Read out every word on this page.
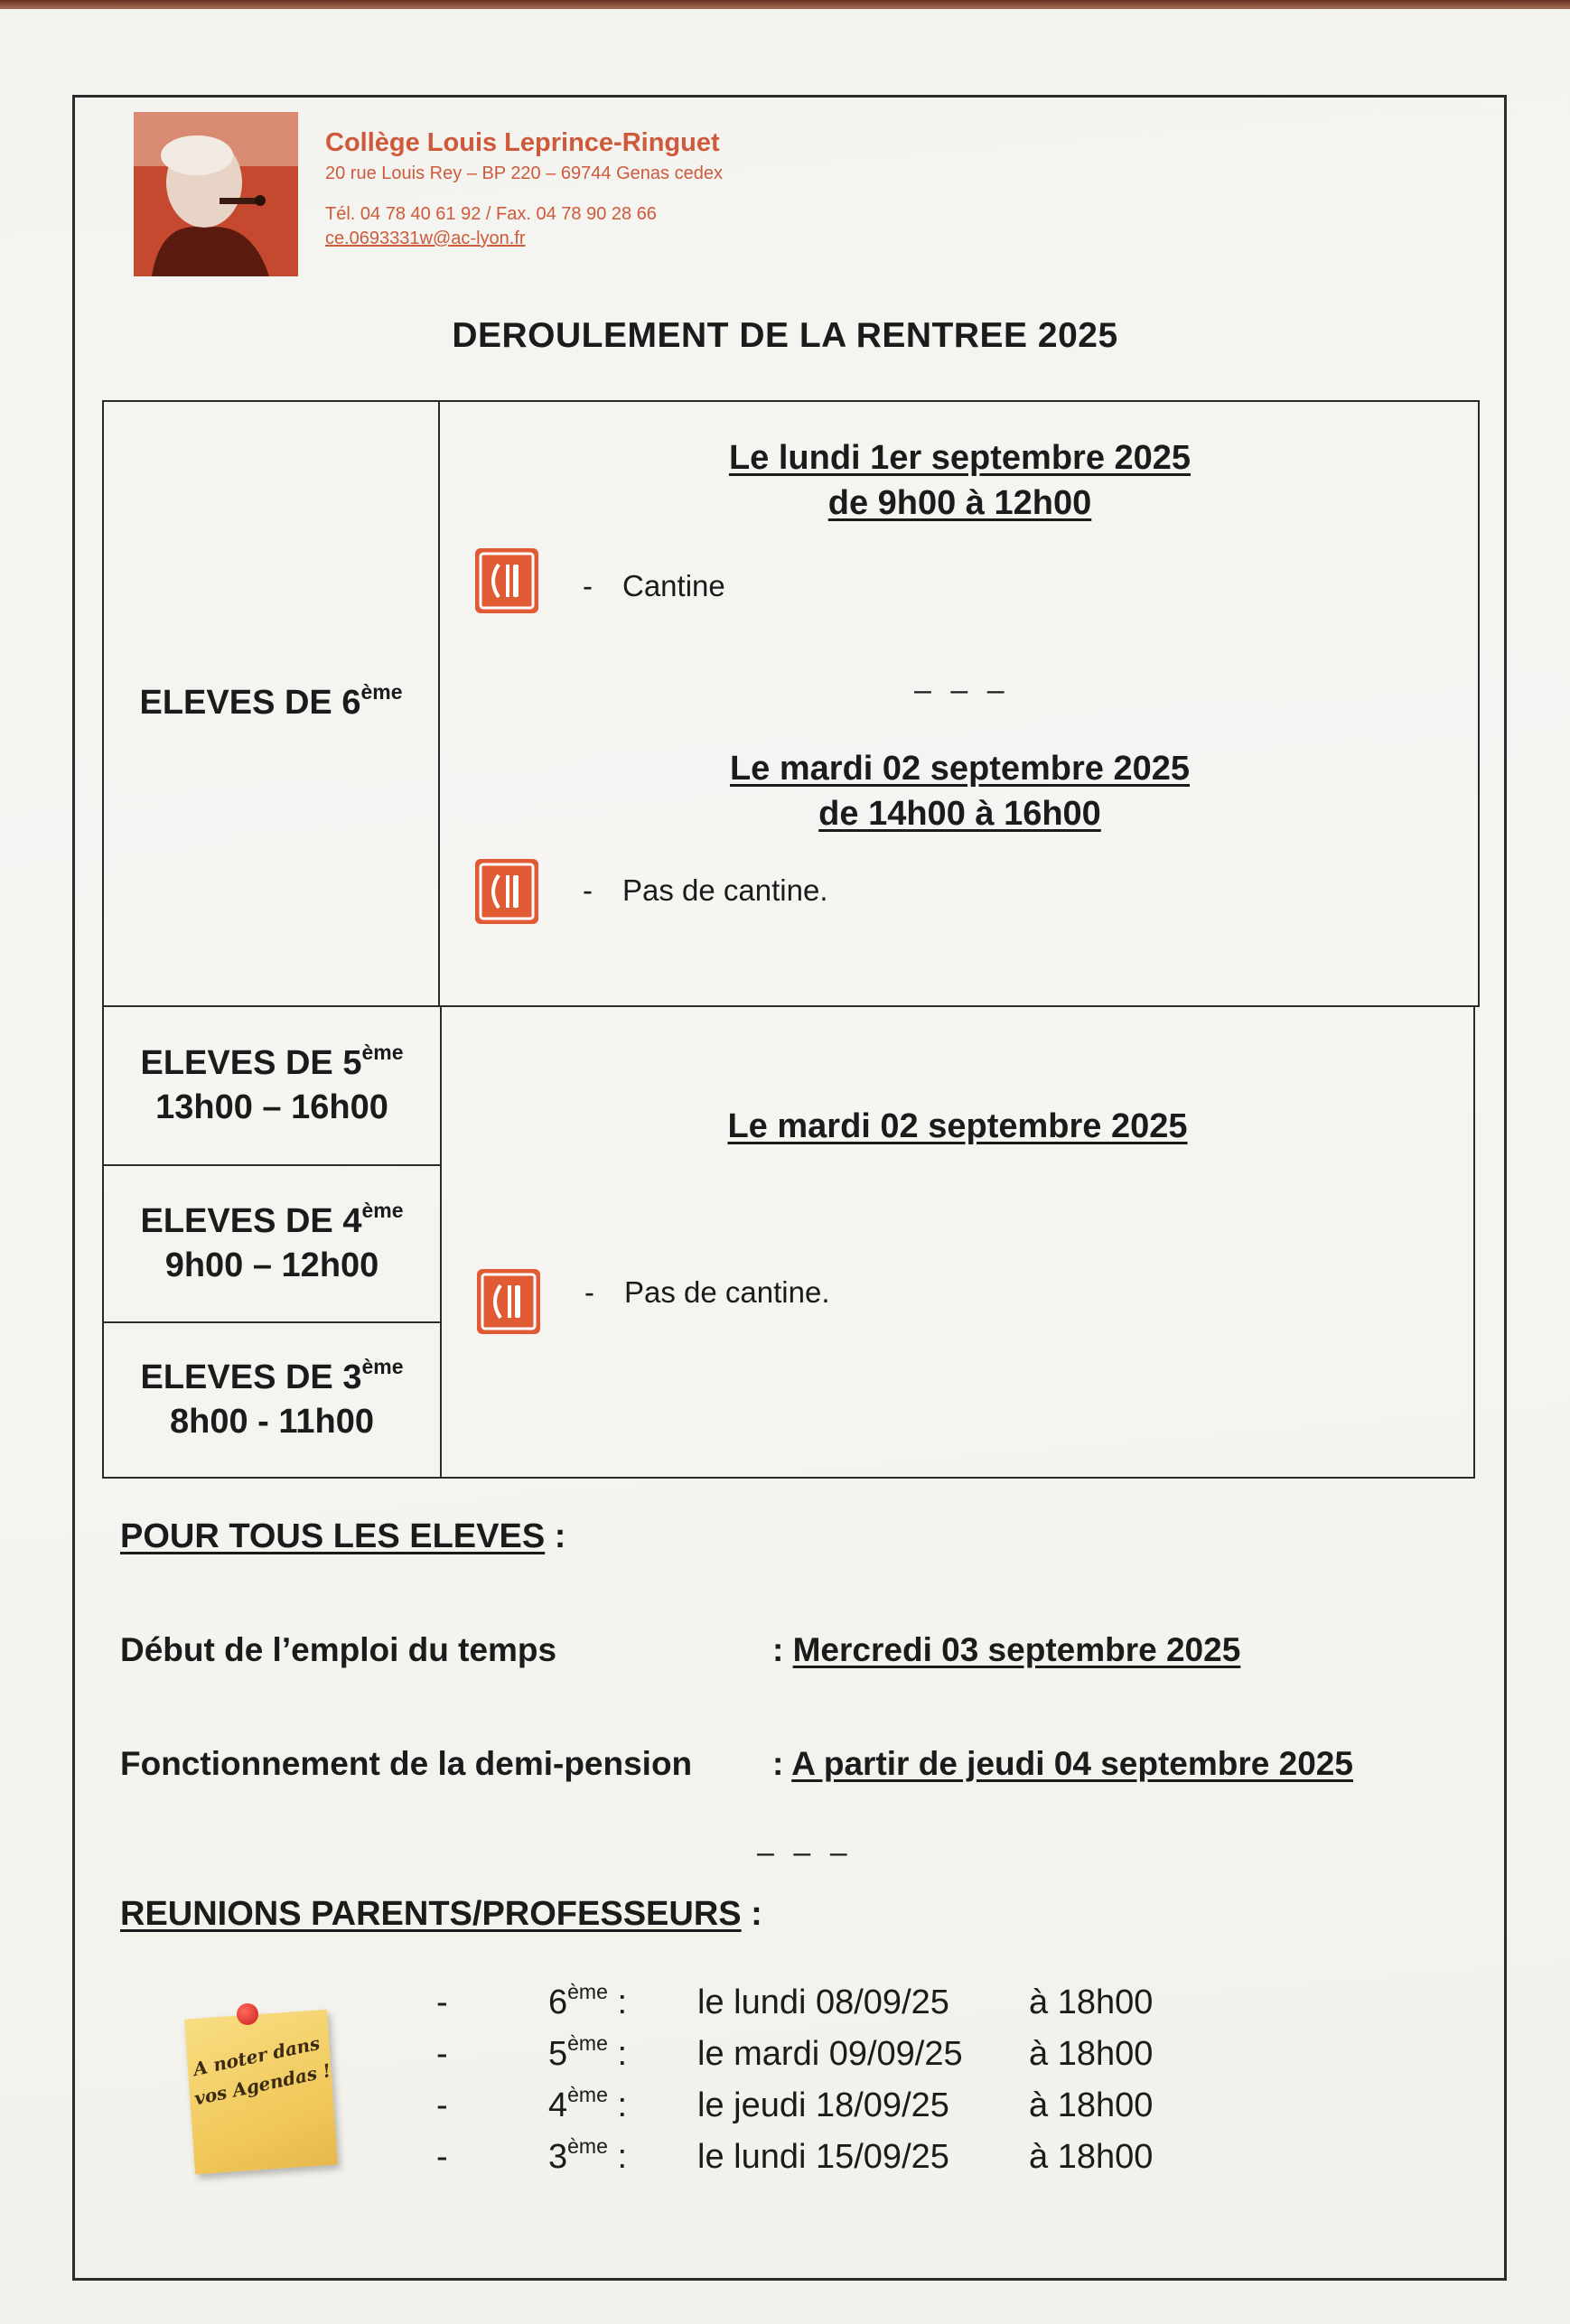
Collège Louis Leprince-Ringuet
20 rue Louis Rey – BP 220 – 69744 Genas cedex
Tél. 04 78 40 61 92 / Fax. 04 78 90 28 66
ce.0693331w@ac-lyon.fr
DEROULEMENT DE LA RENTREE 2025
ELEVES DE 6ème
Le lundi 1er septembre 2025
de 9h00 à 12h00
- Cantine
– – –
Le mardi 02 septembre 2025
de 14h00 à 16h00
- Pas de cantine.
ELEVES DE 5ème
13h00 – 16h00
ELEVES DE 4ème
9h00 – 12h00
ELEVES DE 3ème
8h00 - 11h00
Le mardi 02 septembre 2025
- Pas de cantine.
POUR TOUS LES ELEVES :
Début de l’emploi du temps	: Mercredi 03 septembre 2025
Fonctionnement de la demi-pension : A partir de jeudi 04 septembre 2025
– – –
REUNIONS PARENTS/PROFESSEURS :
A noter dans vos Agendas !
-	6ème : le lundi 08/09/25 à 18h00
-	5ème : le mardi 09/09/25 à 18h00
-	4ème : le jeudi 18/09/25 à 18h00
-	3ème : le lundi 15/09/25 à 18h00
